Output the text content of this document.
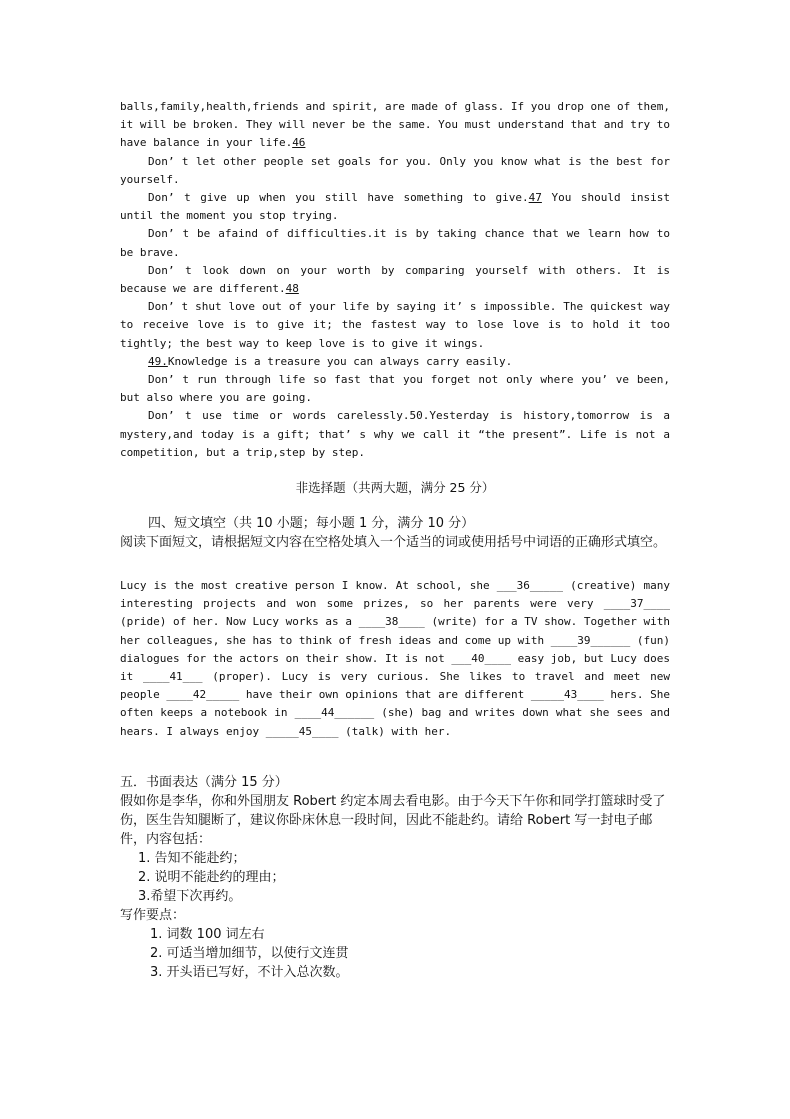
balls,family,health,friends and spirit, are made of glass. If you drop one of them, it will be broken. They will never be the same. You must understand that and try to have balance in your life.46

Don’ t let other people set goals for you. Only you know what is the best for yourself.

Don’ t give up when you still have something to give.47 You should insist until the moment you stop trying.

Don’ t be afaind of difficulties.it is by taking chance that we learn how to be brave.

Don’ t look down on your worth by comparing yourself with others. It is because we are different.48

Don’ t shut love out of your life by saying it’ s impossible. The quickest way to receive love is to give it; the fastest way to lose love is to hold it too tightly; the best way to keep love is to give it wings.

49.Knowledge is a treasure you can always carry easily.

Don’ t run through life so fast that you forget not only where you’ ve been, but also where you are going.

Don’ t use time or words carelessly.50.Yesterday is history,tomorrow is a mystery,and today is a gift; that’ s why we call it “the present”. Life is not a competition, but a trip,step by step.

非选择题（共两大题，满分 25 分）

四、短文填空（共 10 小题；每小题 1 分，满分 10 分）

阅读下面短文，请根据短文内容在空格处填入一个适当的词或使用括号中词语的正确形式填空。

Lucy is the most creative person I know. At school, she ___36_____ (creative) many interesting projects and won some prizes, so her parents were very ____37____ (pride) of her. Now Lucy works as a ____38____ (write) for a TV show. Together with her colleagues, she has to think of fresh ideas and come up with ____39______ (fun) dialogues for the actors on their show. It is not ___40____ easy job, but Lucy does it ____41___ (proper). Lucy is very curious. She likes to travel and meet new people ____42_____ have their own opinions that are different _____43____ hers. She often keeps a notebook in ____44______ (she) bag and writes down what she sees and hears. I always enjoy _____45____ (talk) with her.

五．书面表达（满分 15 分）

假如你是李华，你和外国朋友 Robert 约定本周去看电影。由于今天下午你和同学打篮球时受了伤，医生告知腿断了，建议你卧床休息一段时间，因此不能赴约。请给 Robert 写一封电子邮件，内容包括：

1. 告知不能赴约；

2. 说明不能赴约的理由；

3.希望下次再约。

写作要点：

1. 词数 100 词左右

2. 可适当增加细节，以使行文连贯

3. 开头语已写好，不计入总次数。
